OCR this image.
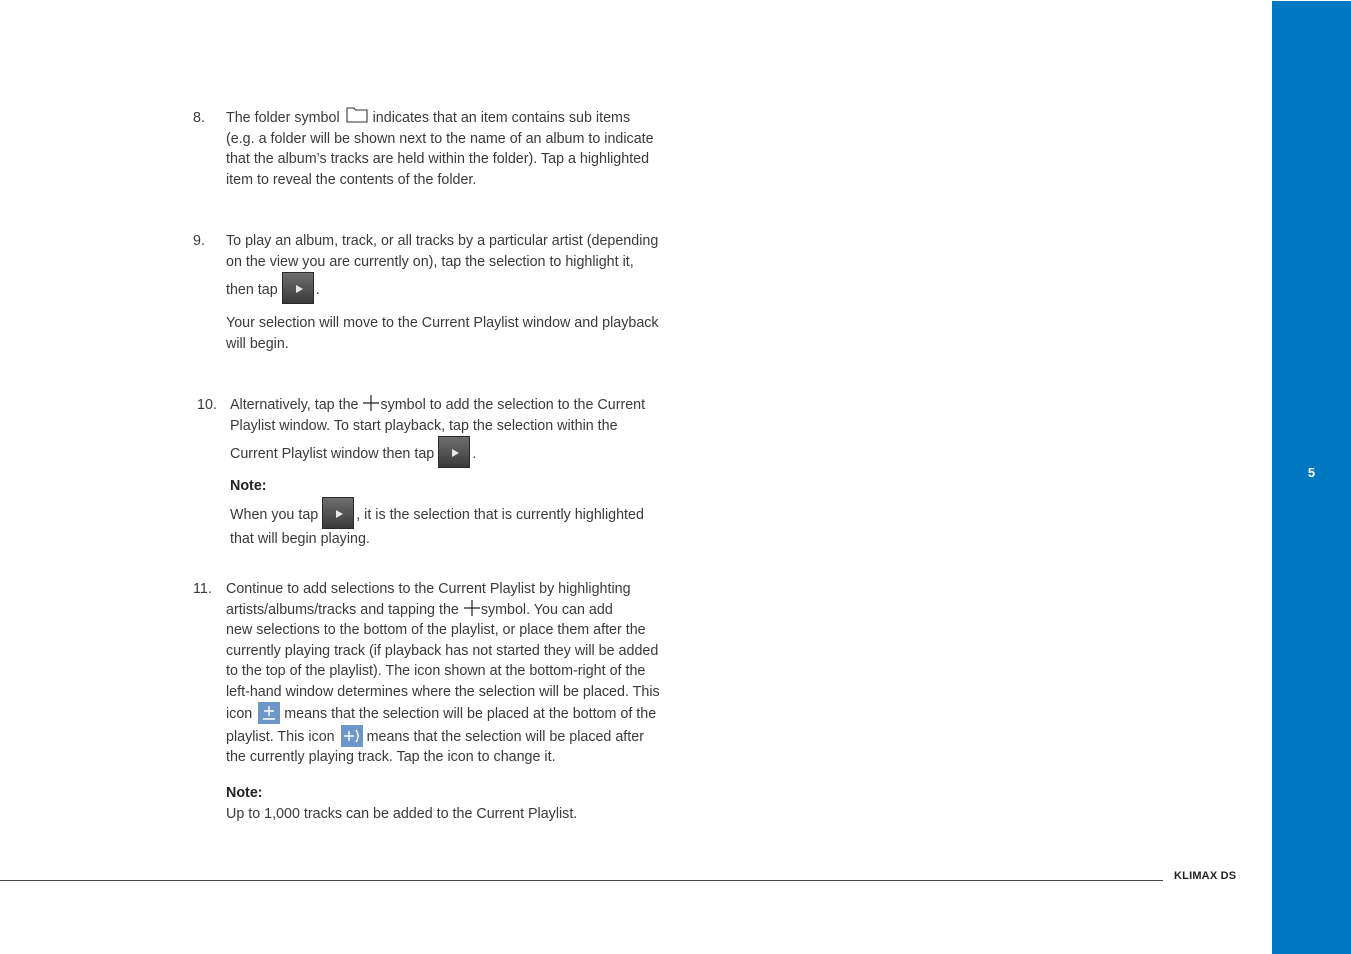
5
KLIMAX DS
8. The folder symbol indicates that an item contains sub items
(e.g. a folder will be shown next to the name of an album to indicate
that the album’s tracks are held within the folder). Tap a highlighted
item to reveal the contents of the folder.
9. To play an album, track, or all tracks by a particular artist (depending
on the view you are currently on), tap the selection to highlight it,
then tap	.
Your selection will move to the Current Playlist window and playback
will begin.
10. Alternatively, tap the symbol to add the selection to the Current
Playlist window. To start playback, tap the selection within the
Current Playlist window then tap	.
Note:
When you tap	, it is the selection that is currently highlighted
that will begin playing.
11. Continue to add selections to the Current Playlist by highlighting
artists/albums/tracks and tapping the symbol. You can add
new selections to the bottom of the playlist, or place them after the
currently playing track (if playback has not started they will be added
to the top of the playlist). The icon shown at the bottom-right of the
left-hand window determines where the selection will be placed. This
icon means that the selection will be placed at the bottom of the
playlist. This icon means that the selection will be placed after
the currently playing track. Tap the icon to change it.
Note:
Up to 1,000 tracks can be added to the Current Playlist.
